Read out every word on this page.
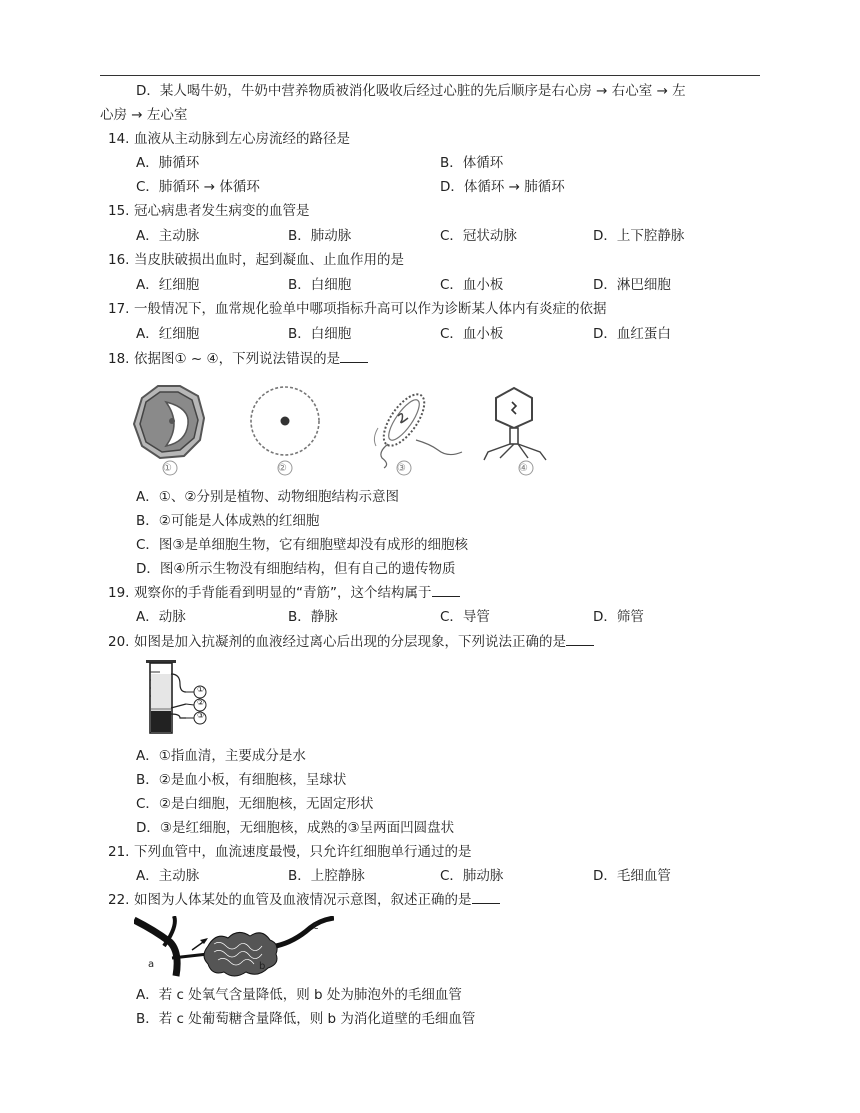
D．某人喝牛奶，牛奶中营养物质被消化吸收后经过心脏的先后顺序是右心房 → 右心室 → 左
心房 → 左心室
14. 血液从主动脉到左心房流经的路径是
A．肺循环	B．体循环
C．肺循环 → 体循环	D．体循环 → 肺循环
15. 冠心病患者发生病变的血管是
A．主动脉	B．肺动脉	C．冠状动脉	D．上下腔静脉
16. 当皮肤破损出血时，起到凝血、止血作用的是
A．红细胞	B．白细胞	C．血小板	D．淋巴细胞
17. 一般情况下，血常规化验单中哪项指标升高可以作为诊断某人体内有炎症的依据
A．红细胞	B．白细胞	C．血小板	D．血红蛋白
18. 依据图① ~ ④，下列说法错误的是
①	②	③	④
A．①、②分别是植物、动物细胞结构示意图
B．②可能是人体成熟的红细胞
C．图③是单细胞生物，它有细胞壁却没有成形的细胞核
D．图④所示生物没有细胞结构，但有自己的遗传物质
19. 观察你的手背能看到明显的“青筋”，这个结构属于
A．动脉	B．静脉	C．导管	D．筛管
20. 如图是加入抗凝剂的血液经过离心后出现的分层现象，下列说法正确的是
①
②
③
A．①指血清，主要成分是水
B．②是血小板，有细胞核，呈球状
C．②是白细胞，无细胞核，无固定形状
D．③是红细胞，无细胞核，成熟的③呈两面凹圆盘状
21. 下列血管中，血流速度最慢，只允许红细胞单行通过的是
A．主动脉	B．上腔静脉	C．肺动脉	D．毛细血管
22. 如图为人体某处的血管及血液情况示意图，叙述正确的是
a	b
c
A．若 c 处氧气含量降低，则 b 处为肺泡外的毛细血管
B．若 c 处葡萄糖含量降低，则 b 为消化道壁的毛细血管
